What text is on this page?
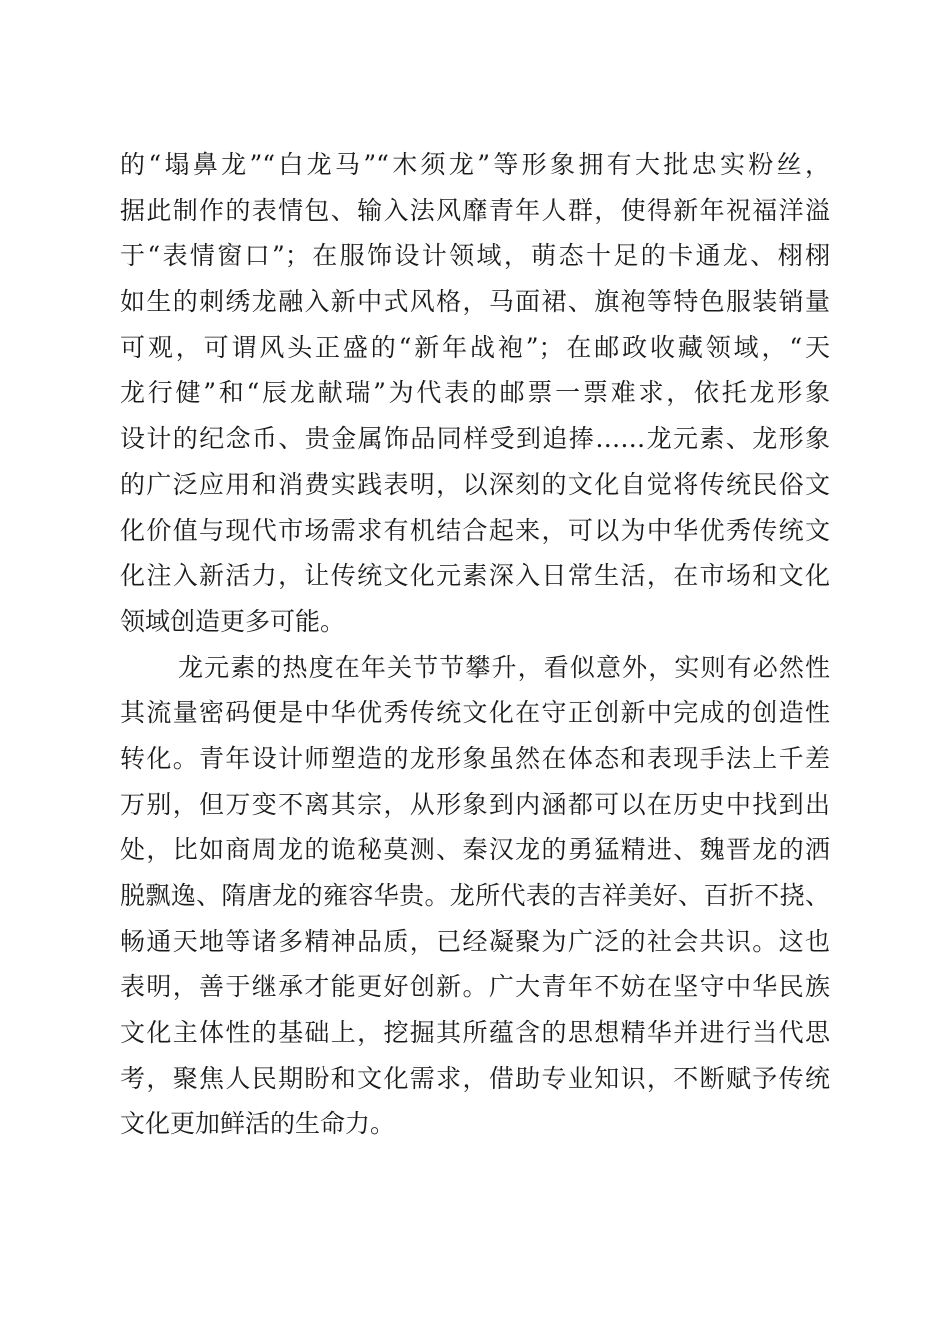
的“塌鼻龙”“白龙马”“木须龙”等形象拥有大批忠实粉丝，
据此制作的表情包、输入法风靡青年人群，使得新年祝福洋溢
于“表情窗口”；在服饰设计领域，萌态十足的卡通龙、栩栩
如生的刺绣龙融入新中式风格，马面裙、旗袍等特色服装销量
可观，可谓风头正盛的“新年战袍”；在邮政收藏领域，“天
龙行健”和“辰龙献瑞”为代表的邮票一票难求，依托龙形象
设计的纪念币、贵金属饰品同样受到追捧……龙元素、龙形象
的广泛应用和消费实践表明，以深刻的文化自觉将传统民俗文
化价值与现代市场需求有机结合起来，可以为中华优秀传统文
化注入新活力，让传统文化元素深入日常生活，在市场和文化
领域创造更多可能。
龙元素的热度在年关节节攀升，看似意外，实则有必然性
其流量密码便是中华优秀传统文化在守正创新中完成的创造性
转化。青年设计师塑造的龙形象虽然在体态和表现手法上千差
万别，但万变不离其宗，从形象到内涵都可以在历史中找到出
处，比如商周龙的诡秘莫测、秦汉龙的勇猛精进、魏晋龙的洒
脱飘逸、隋唐龙的雍容华贵。龙所代表的吉祥美好、百折不挠、
畅通天地等诸多精神品质，已经凝聚为广泛的社会共识。这也
表明，善于继承才能更好创新。广大青年不妨在坚守中华民族
文化主体性的基础上，挖掘其所蕴含的思想精华并进行当代思
考，聚焦人民期盼和文化需求，借助专业知识，不断赋予传统
文化更加鲜活的生命力。
